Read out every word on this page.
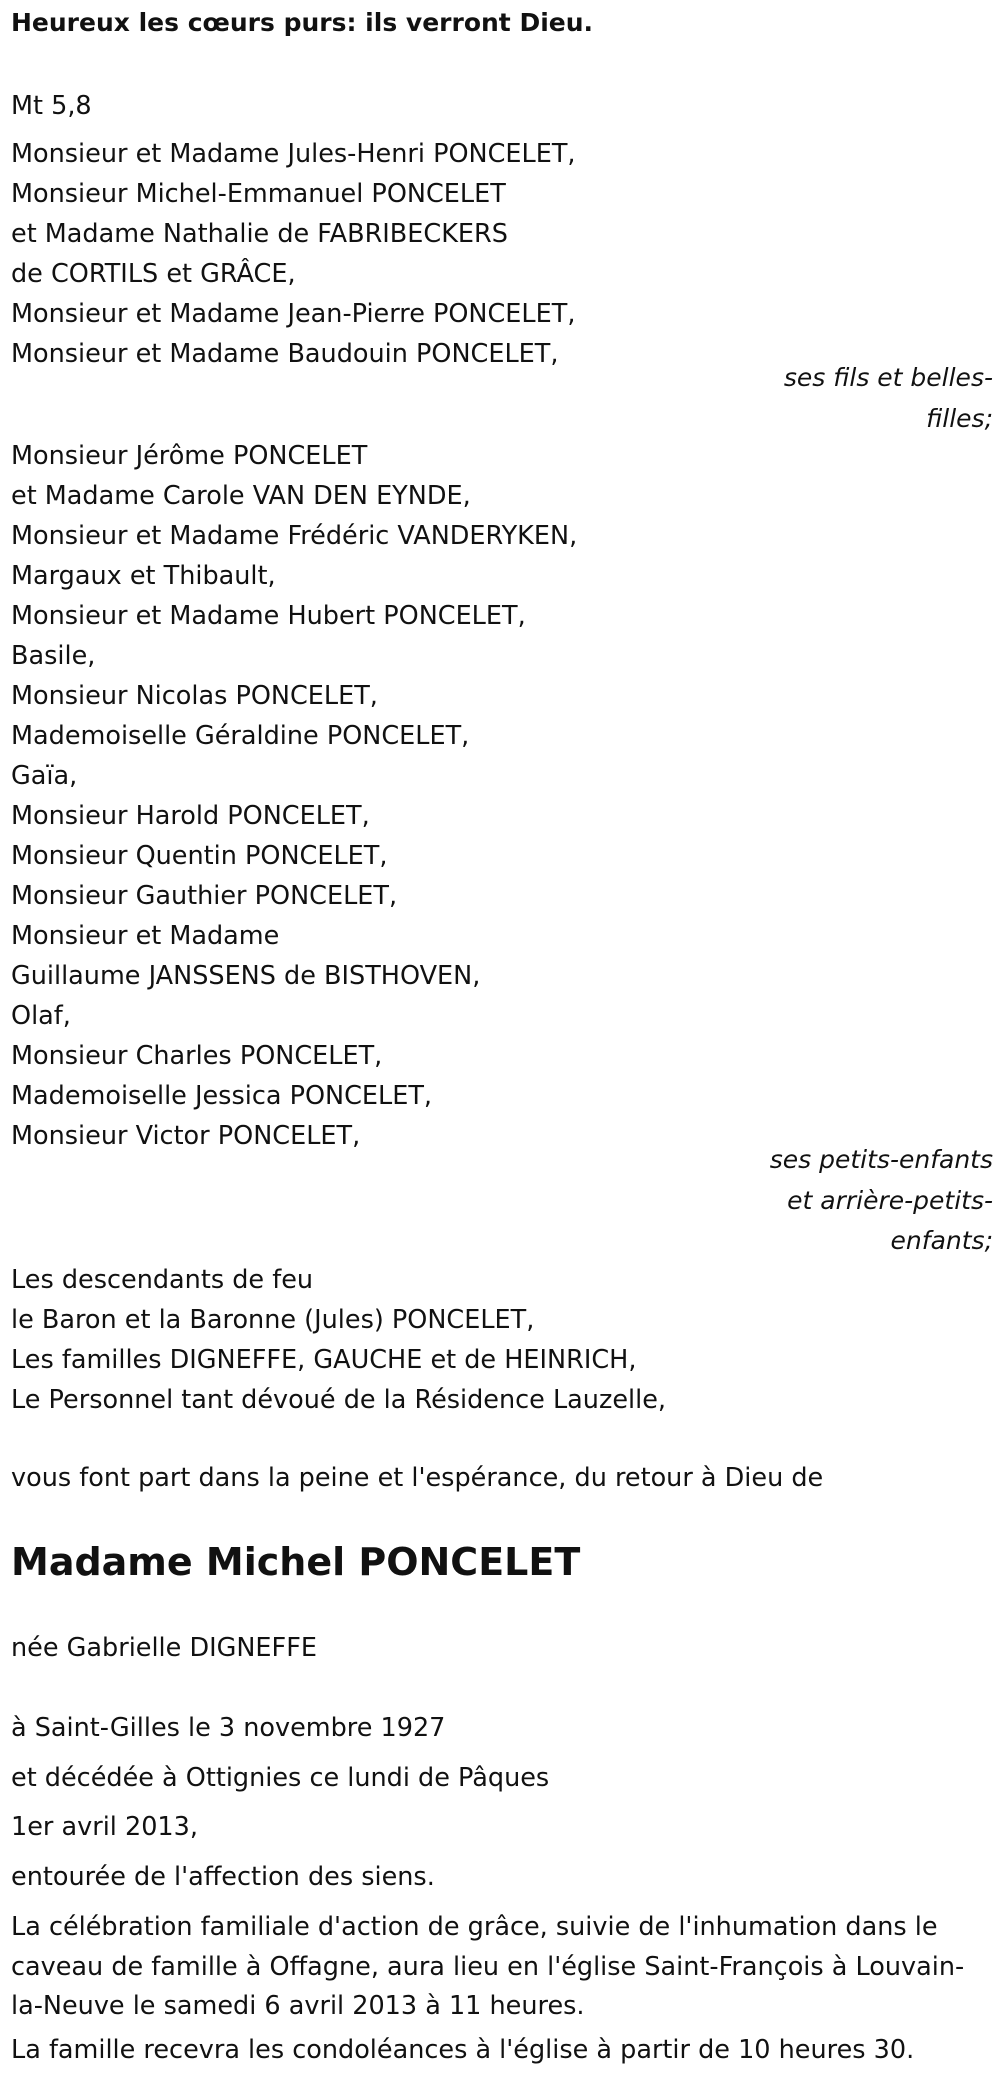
Heureux les cœurs purs: ils verront Dieu.
Mt 5,8
Monsieur et Madame Jules-Henri PONCELET,
Monsieur Michel-Emmanuel PONCELET
et Madame Nathalie de FABRIBECKERS
de CORTILS et GRÂCE,
Monsieur et Madame Jean-Pierre PONCELET,
Monsieur et Madame Baudouin PONCELET,
ses fils et belles-
filles;
Monsieur Jérôme PONCELET
et Madame Carole VAN DEN EYNDE,
Monsieur et Madame Frédéric VANDERYKEN,
Margaux et Thibault,
Monsieur et Madame Hubert PONCELET,
Basile,
Monsieur Nicolas PONCELET,
Mademoiselle Géraldine PONCELET,
Gaïa,
Monsieur Harold PONCELET,
Monsieur Quentin PONCELET,
Monsieur Gauthier PONCELET,
Monsieur et Madame
Guillaume JANSSENS de BISTHOVEN,
Olaf,
Monsieur Charles PONCELET,
Mademoiselle Jessica PONCELET,
Monsieur Victor PONCELET,
ses petits-enfants
et arrière-petits-
enfants;
Les descendants de feu
le Baron et la Baronne (Jules) PONCELET,
Les familles DIGNEFFE, GAUCHE et de HEINRICH,
Le Personnel tant dévoué de la Résidence Lauzelle,
vous font part dans la peine et l'espérance, du retour à Dieu de
Madame Michel PONCELET
née Gabrielle DIGNEFFE
à Saint-Gilles le 3 novembre 1927
et décédée à Ottignies ce lundi de Pâques
1er avril 2013,
entourée de l'affection des siens.
La célébration familiale d'action de grâce, suivie de l'inhumation dans le caveau de famille à Offagne, aura lieu en l'église Saint-François à Louvain-la-Neuve le samedi 6 avril 2013 à 11 heures.
La famille recevra les condoléances à l'église à partir de 10 heures 30.
